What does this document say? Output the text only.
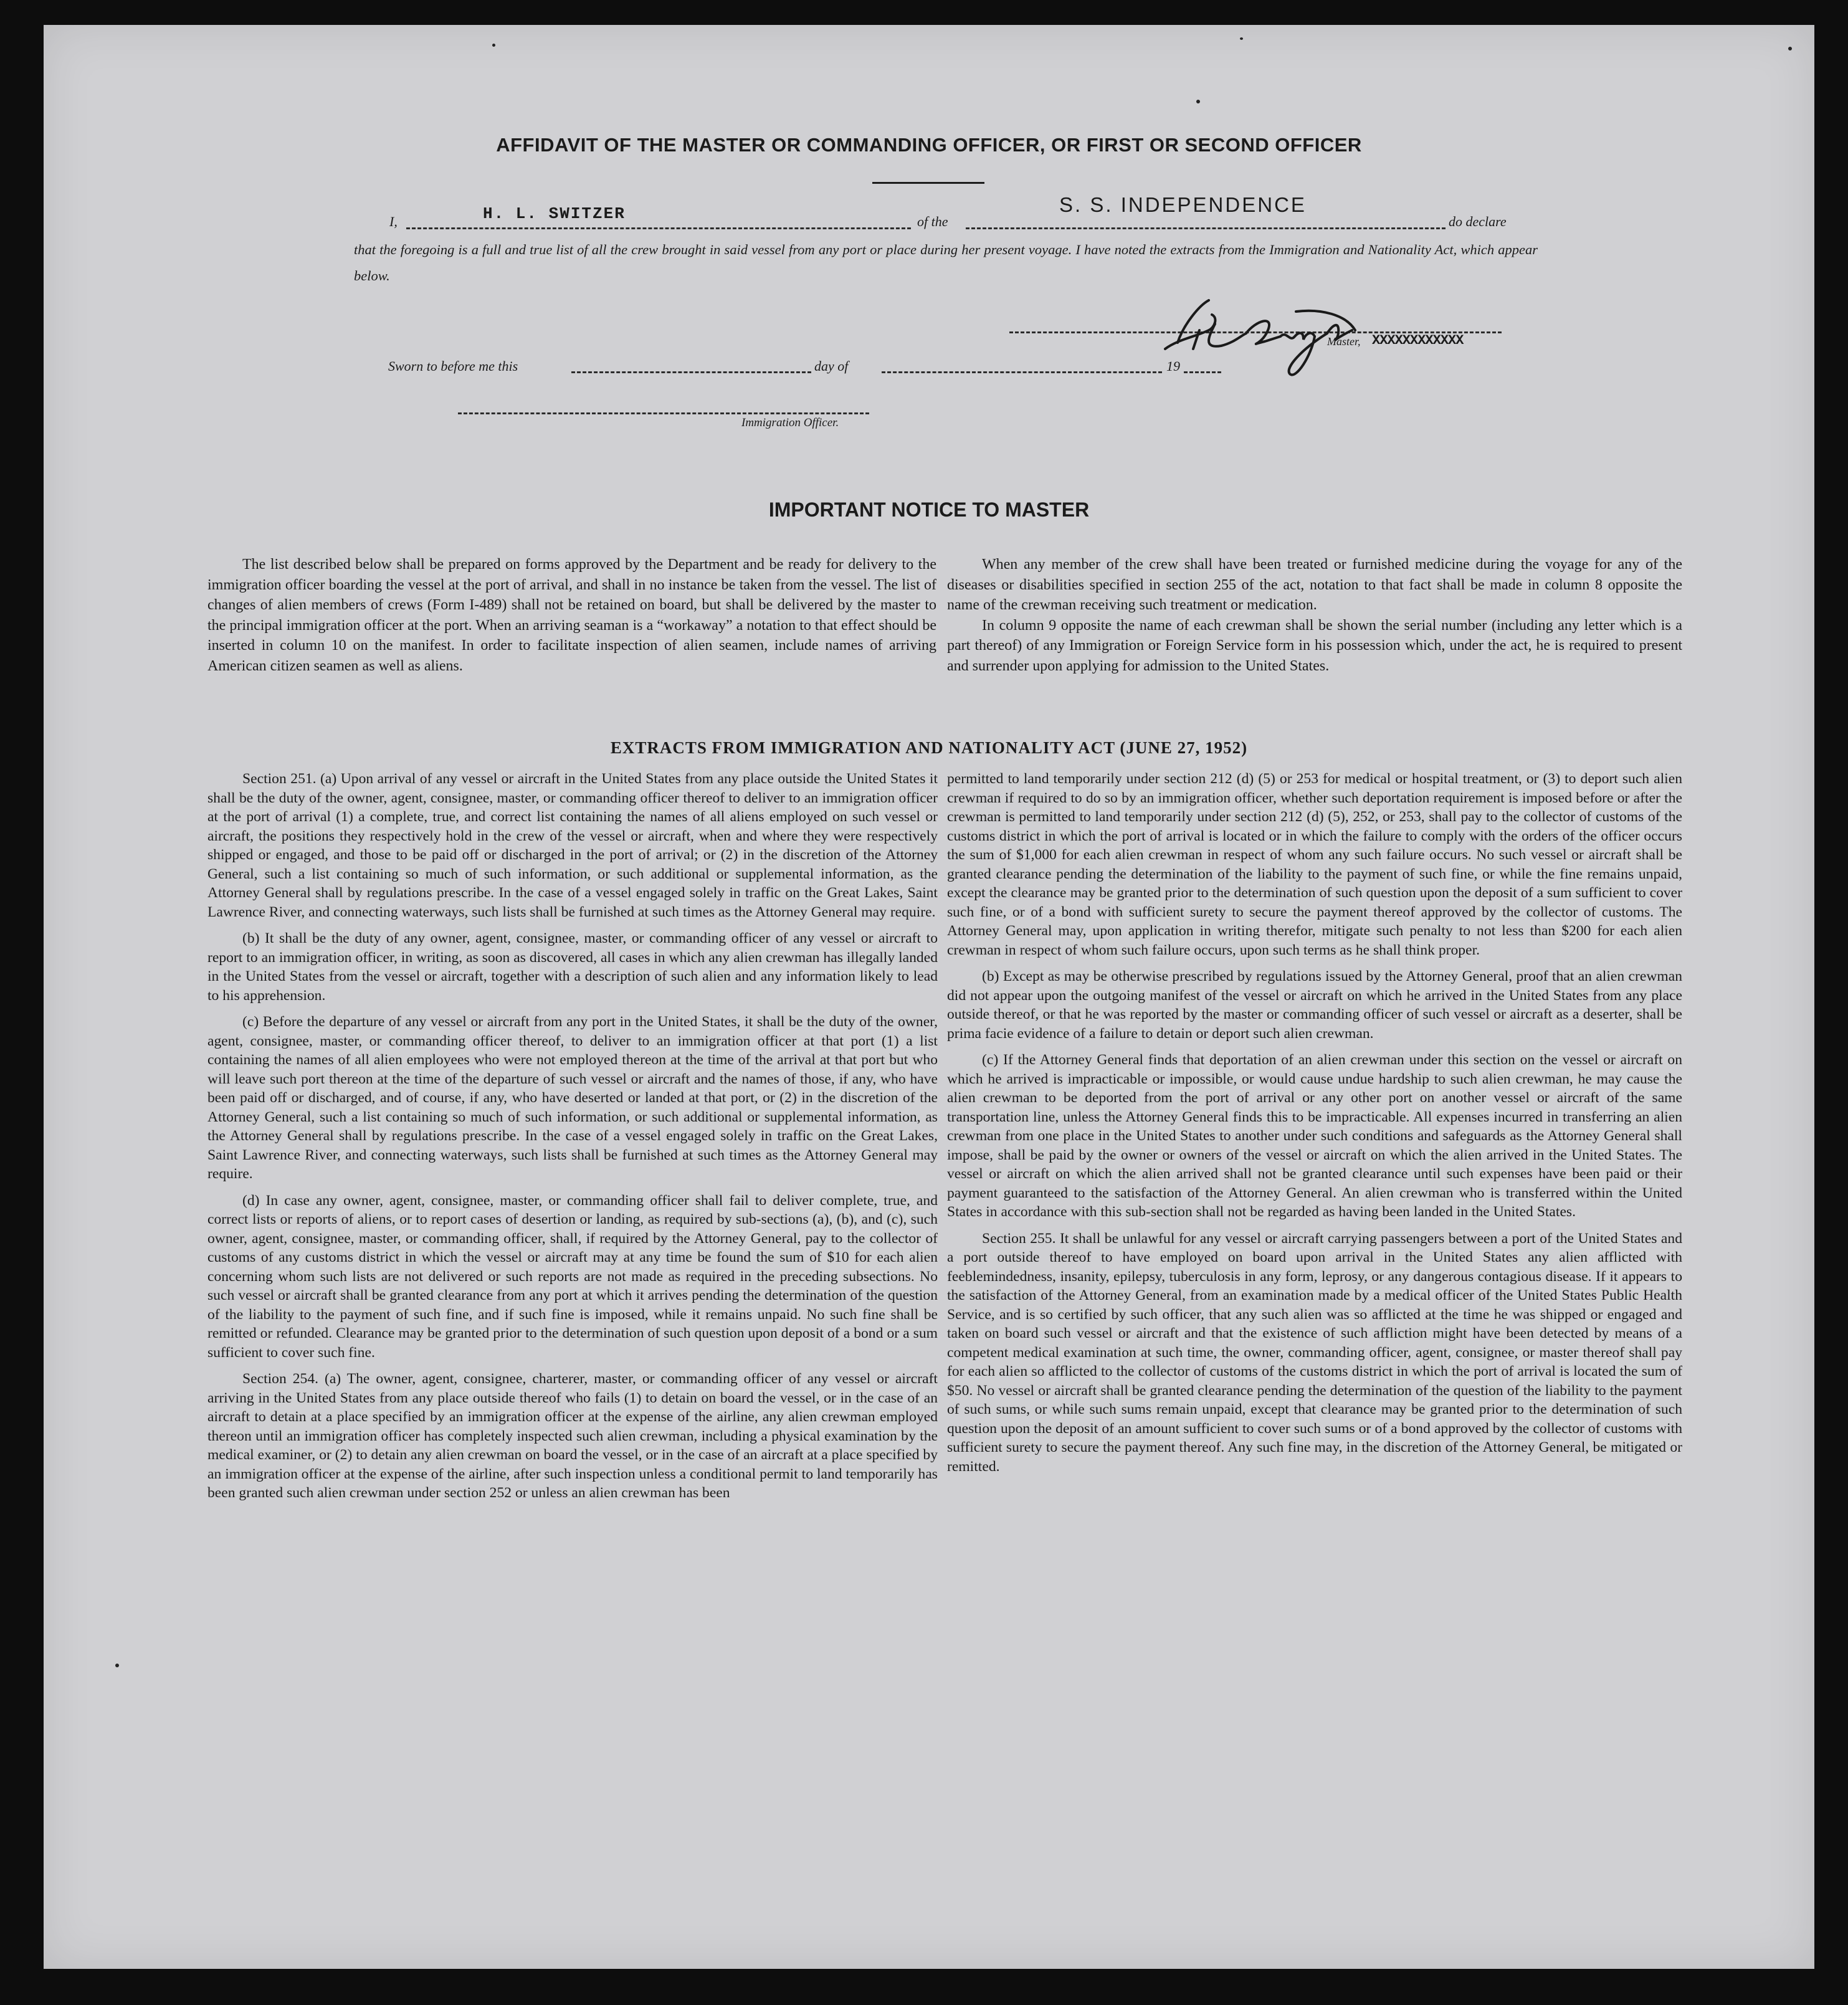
AFFIDAVIT OF THE MASTER OR COMMANDING OFFICER, OR FIRST OR SECOND OFFICER
I,	H. L. SWITZER	of the
S. S. INDEPENDENCE
do declare
that the foregoing is a full and true list of all the crew brought in said vessel from any port or place during her present voyage. I have noted the extracts from the Immigration and Nationality Act, which appear below.
Master, XXXXXXXXXXXX
Sworn to before me this	day of	19
Immigration Officer.
IMPORTANT NOTICE TO MASTER

The list described below shall be prepared on forms approved by the Department and be ready for delivery to the immigration officer boarding the vessel at the port of arrival, and shall in no instance be taken from the vessel. The list of changes of alien members of crews (Form I-489) shall not be retained on board, but shall be delivered by the master to the principal immigration officer at the port. When an arriving seaman is a “workaway” a notation to that effect should be inserted in column 10 on the manifest. In order to facilitate inspection of alien seamen, include names of arriving American citizen seamen as well as aliens.

When any member of the crew shall have been treated or furnished medicine during the voyage for any of the diseases or disabilities specified in section 255 of the act, notation to that fact shall be made in column 8 opposite the name of the crewman receiving such treatment or medication.

In column 9 opposite the name of each crewman shall be shown the serial number (including any letter which is a part thereof) of any Immigration or Foreign Service form in his possession which, under the act, he is required to present and surrender upon applying for admission to the United States.

EXTRACTS FROM IMMIGRATION AND NATIONALITY ACT (JUNE 27, 1952)

Section 251. (a) Upon arrival of any vessel or aircraft in the United States from any place outside the United States it shall be the duty of the owner, agent, consignee, master, or commanding officer thereof to deliver to an immigration officer at the port of arrival (1) a complete, true, and correct list containing the names of all aliens employed on such vessel or aircraft, the positions they respectively hold in the crew of the vessel or aircraft, when and where they were respectively shipped or engaged, and those to be paid off or discharged in the port of arrival; or (2) in the discretion of the Attorney General, such a list containing so much of such information, or such additional or supplemental information, as the Attorney General shall by regulations prescribe. In the case of a vessel engaged solely in traffic on the Great Lakes, Saint Lawrence River, and connecting waterways, such lists shall be furnished at such times as the Attorney General may require.

(b) It shall be the duty of any owner, agent, consignee, master, or commanding officer of any vessel or aircraft to report to an immigration officer, in writing, as soon as discovered, all cases in which any alien crewman has illegally landed in the United States from the vessel or aircraft, together with a description of such alien and any information likely to lead to his apprehension.

(c) Before the departure of any vessel or aircraft from any port in the United States, it shall be the duty of the owner, agent, consignee, master, or commanding officer thereof, to deliver to an immigration officer at that port (1) a list containing the names of all alien employees who were not employed thereon at the time of the arrival at that port but who will leave such port thereon at the time of the departure of such vessel or aircraft and the names of those, if any, who have been paid off or discharged, and of course, if any, who have deserted or landed at that port, or (2) in the discretion of the Attorney General, such a list containing so much of such information, or such additional or supplemental information, as the Attorney General shall by regulations prescribe. In the case of a vessel engaged solely in traffic on the Great Lakes, Saint Lawrence River, and connecting waterways, such lists shall be furnished at such times as the Attorney General may require.

(d) In case any owner, agent, consignee, master, or commanding officer shall fail to deliver complete, true, and correct lists or reports of aliens, or to report cases of desertion or landing, as required by sub-sections (a), (b), and (c), such owner, agent, consignee, master, or commanding officer, shall, if required by the Attorney General, pay to the collector of customs of any customs district in which the vessel or aircraft may at any time be found the sum of $10 for each alien concerning whom such lists are not delivered or such reports are not made as required in the preceding subsections. No such vessel or aircraft shall be granted clearance from any port at which it arrives pending the determination of the question of the liability to the payment of such fine, and if such fine is imposed, while it remains unpaid. No such fine shall be remitted or refunded. Clearance may be granted prior to the determination of such question upon deposit of a bond or a sum sufficient to cover such fine.

Section 254. (a) The owner, agent, consignee, charterer, master, or commanding officer of any vessel or aircraft arriving in the United States from any place outside thereof who fails (1) to detain on board the vessel, or in the case of an aircraft to detain at a place specified by an immigration officer at the expense of the airline, any alien crewman employed thereon until an immigration officer has completely inspected such alien crewman, including a physical examination by the medical examiner, or (2) to detain any alien crewman on board the vessel, or in the case of an aircraft at a place specified by an immigration officer at the expense of the airline, after such inspection unless a conditional permit to land temporarily has been granted such alien crewman under section 252 or unless an alien crewman has been

permitted to land temporarily under section 212 (d) (5) or 253 for medical or hospital treatment, or (3) to deport such alien crewman if required to do so by an immigration officer, whether such deportation requirement is imposed before or after the crewman is permitted to land temporarily under section 212 (d) (5), 252, or 253, shall pay to the collector of customs of the customs district in which the port of arrival is located or in which the failure to comply with the orders of the officer occurs the sum of $1,000 for each alien crewman in respect of whom any such failure occurs. No such vessel or aircraft shall be granted clearance pending the determination of the liability to the payment of such fine, or while the fine remains unpaid, except the clearance may be granted prior to the determination of such question upon the deposit of a sum sufficient to cover such fine, or of a bond with sufficient surety to secure the payment thereof approved by the collector of customs. The Attorney General may, upon application in writing therefor, mitigate such penalty to not less than $200 for each alien crewman in respect of whom such failure occurs, upon such terms as he shall think proper.

(b) Except as may be otherwise prescribed by regulations issued by the Attorney General, proof that an alien crewman did not appear upon the outgoing manifest of the vessel or aircraft on which he arrived in the United States from any place outside thereof, or that he was reported by the master or commanding officer of such vessel or aircraft as a deserter, shall be prima facie evidence of a failure to detain or deport such alien crewman.

(c) If the Attorney General finds that deportation of an alien crewman under this section on the vessel or aircraft on which he arrived is impracticable or impossible, or would cause undue hardship to such alien crewman, he may cause the alien crewman to be deported from the port of arrival or any other port on another vessel or aircraft of the same transportation line, unless the Attorney General finds this to be impracticable. All expenses incurred in transferring an alien crewman from one place in the United States to another under such conditions and safeguards as the Attorney General shall impose, shall be paid by the owner or owners of the vessel or aircraft on which the alien arrived in the United States. The vessel or aircraft on which the alien arrived shall not be granted clearance until such expenses have been paid or their payment guaranteed to the satisfaction of the Attorney General. An alien crewman who is transferred within the United States in accordance with this sub-section shall not be regarded as having been landed in the United States.

Section 255. It shall be unlawful for any vessel or aircraft carrying passengers between a port of the United States and a port outside thereof to have employed on board upon arrival in the United States any alien afflicted with feeblemindedness, insanity, epilepsy, tuberculosis in any form, leprosy, or any dangerous contagious disease. If it appears to the satisfaction of the Attorney General, from an examination made by a medical officer of the United States Public Health Service, and is so certified by such officer, that any such alien was so afflicted at the time he was shipped or engaged and taken on board such vessel or aircraft and that the existence of such affliction might have been detected by means of a competent medical examination at such time, the owner, commanding officer, agent, consignee, or master thereof shall pay for each alien so afflicted to the collector of customs of the customs district in which the port of arrival is located the sum of $50. No vessel or aircraft shall be granted clearance pending the determination of the question of the liability to the payment of such sums, or while such sums remain unpaid, except that clearance may be granted prior to the determination of such question upon the deposit of an amount sufficient to cover such sums or of a bond approved by the collector of customs with sufficient surety to secure the payment thereof. Any such fine may, in the discretion of the Attorney General, be mitigated or remitted.
